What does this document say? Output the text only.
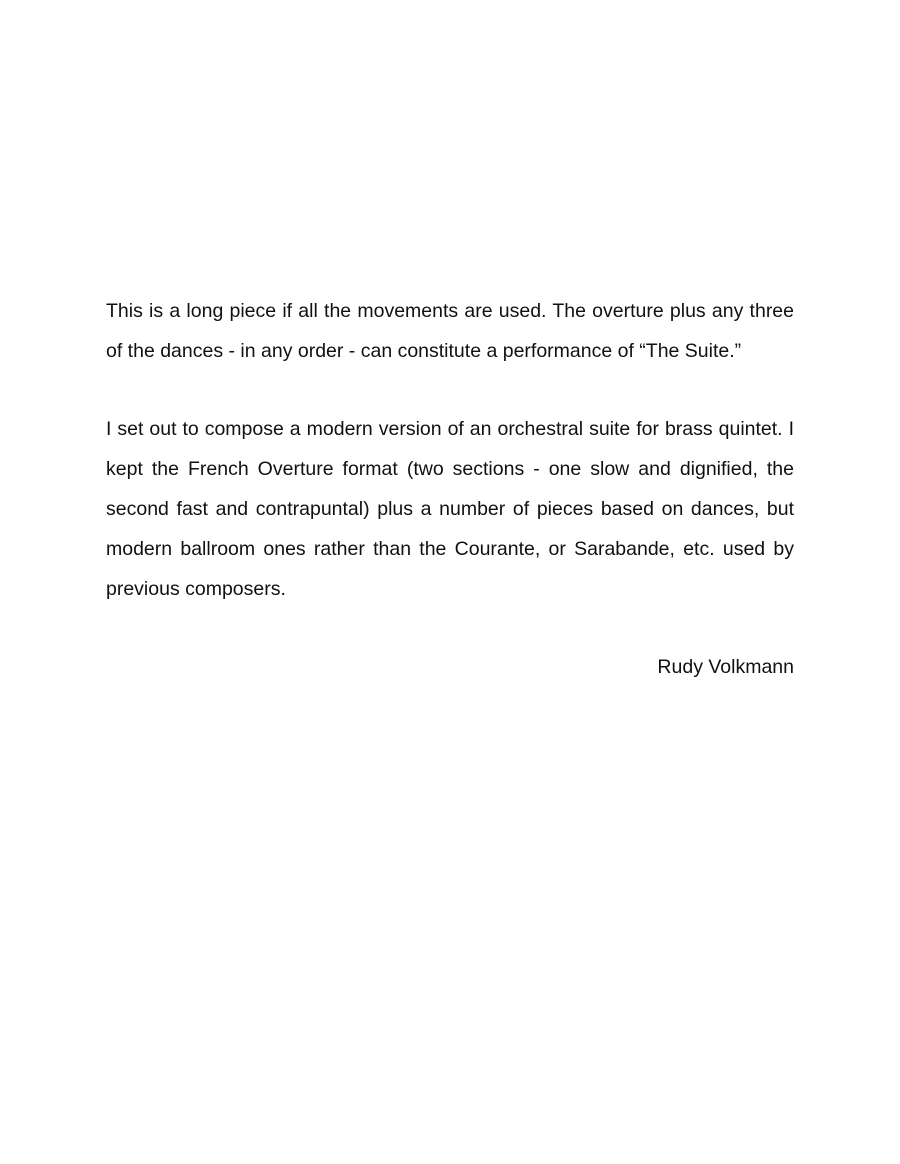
This is a long piece if all the movements are used. The overture plus any three of the dances - in any order - can constitute a performance of “The Suite.”

I set out to compose a modern version of an orchestral suite for brass quintet. I kept the French Overture format (two sections - one slow and dignified, the second fast and contrapuntal) plus a number of pieces based on dances, but modern ballroom ones rather than the Courante, or Sarabande, etc. used by previous composers.

Rudy Volkmann
